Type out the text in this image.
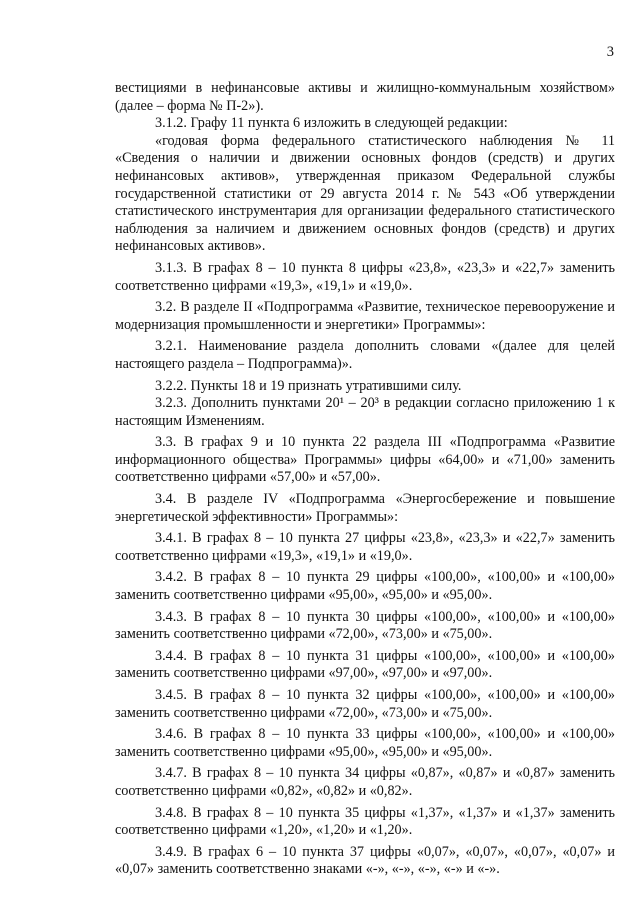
3

вестициями в нефинансовые активы и жилищно-коммунальным хозяйством» (далее – форма № П-2»).

3.1.2. Графу 11 пункта 6 изложить в следующей редакции:

«годовая форма федерального статистического наблюдения № 11 «Сведения о наличии и движении основных фондов (средств) и других нефинансовых активов», утвержденная приказом Федеральной службы государственной статистики от 29 августа 2014 г. № 543 «Об утверждении статистического инструментария для организации федерального статистического наблюдения за наличием и движением основных фондов (средств) и других нефинансовых активов».

3.1.3. В графах 8 – 10 пункта 8 цифры «23,8», «23,3» и «22,7» заменить соответственно цифрами «19,3», «19,1» и «19,0».

3.2. В разделе II «Подпрограмма «Развитие, техническое перевооружение и модернизация промышленности и энергетики» Программы»:

3.2.1. Наименование раздела дополнить словами «(далее для целей настоящего раздела – Подпрограмма)».

3.2.2. Пункты 18 и 19 признать утратившими силу.

3.2.3. Дополнить пунктами 20¹ – 20³ в редакции согласно приложению 1 к настоящим Изменениям.

3.3. В графах 9 и 10 пункта 22 раздела III «Подпрограмма «Развитие информационного общества» Программы» цифры «64,00» и «71,00» заменить соответственно цифрами «57,00» и «57,00».

3.4. В разделе IV «Подпрограмма «Энергосбережение и повышение энергетической эффективности» Программы»:

3.4.1. В графах 8 – 10 пункта 27 цифры «23,8», «23,3» и «22,7» заменить соответственно цифрами «19,3», «19,1» и «19,0».

3.4.2. В графах 8 – 10 пункта 29 цифры «100,00», «100,00» и «100,00» заменить соответственно цифрами «95,00», «95,00» и «95,00».

3.4.3. В графах 8 – 10 пункта 30 цифры «100,00», «100,00» и «100,00» заменить соответственно цифрами «72,00», «73,00» и «75,00».

3.4.4. В графах 8 – 10 пункта 31 цифры «100,00», «100,00» и «100,00» заменить соответственно цифрами «97,00», «97,00» и «97,00».

3.4.5. В графах 8 – 10 пункта 32 цифры «100,00», «100,00» и «100,00» заменить соответственно цифрами «72,00», «73,00» и «75,00».

3.4.6. В графах 8 – 10 пункта 33 цифры «100,00», «100,00» и «100,00» заменить соответственно цифрами «95,00», «95,00» и «95,00».

3.4.7. В графах 8 – 10 пункта 34 цифры «0,87», «0,87» и «0,87» заменить соответственно цифрами «0,82», «0,82» и «0,82».

3.4.8. В графах 8 – 10 пункта 35 цифры «1,37», «1,37» и «1,37» заменить соответственно цифрами «1,20», «1,20» и «1,20».

3.4.9. В графах 6 – 10 пункта 37 цифры «0,07», «0,07», «0,07», «0,07» и «0,07» заменить соответственно знаками «-», «-», «-», «-» и «-».
